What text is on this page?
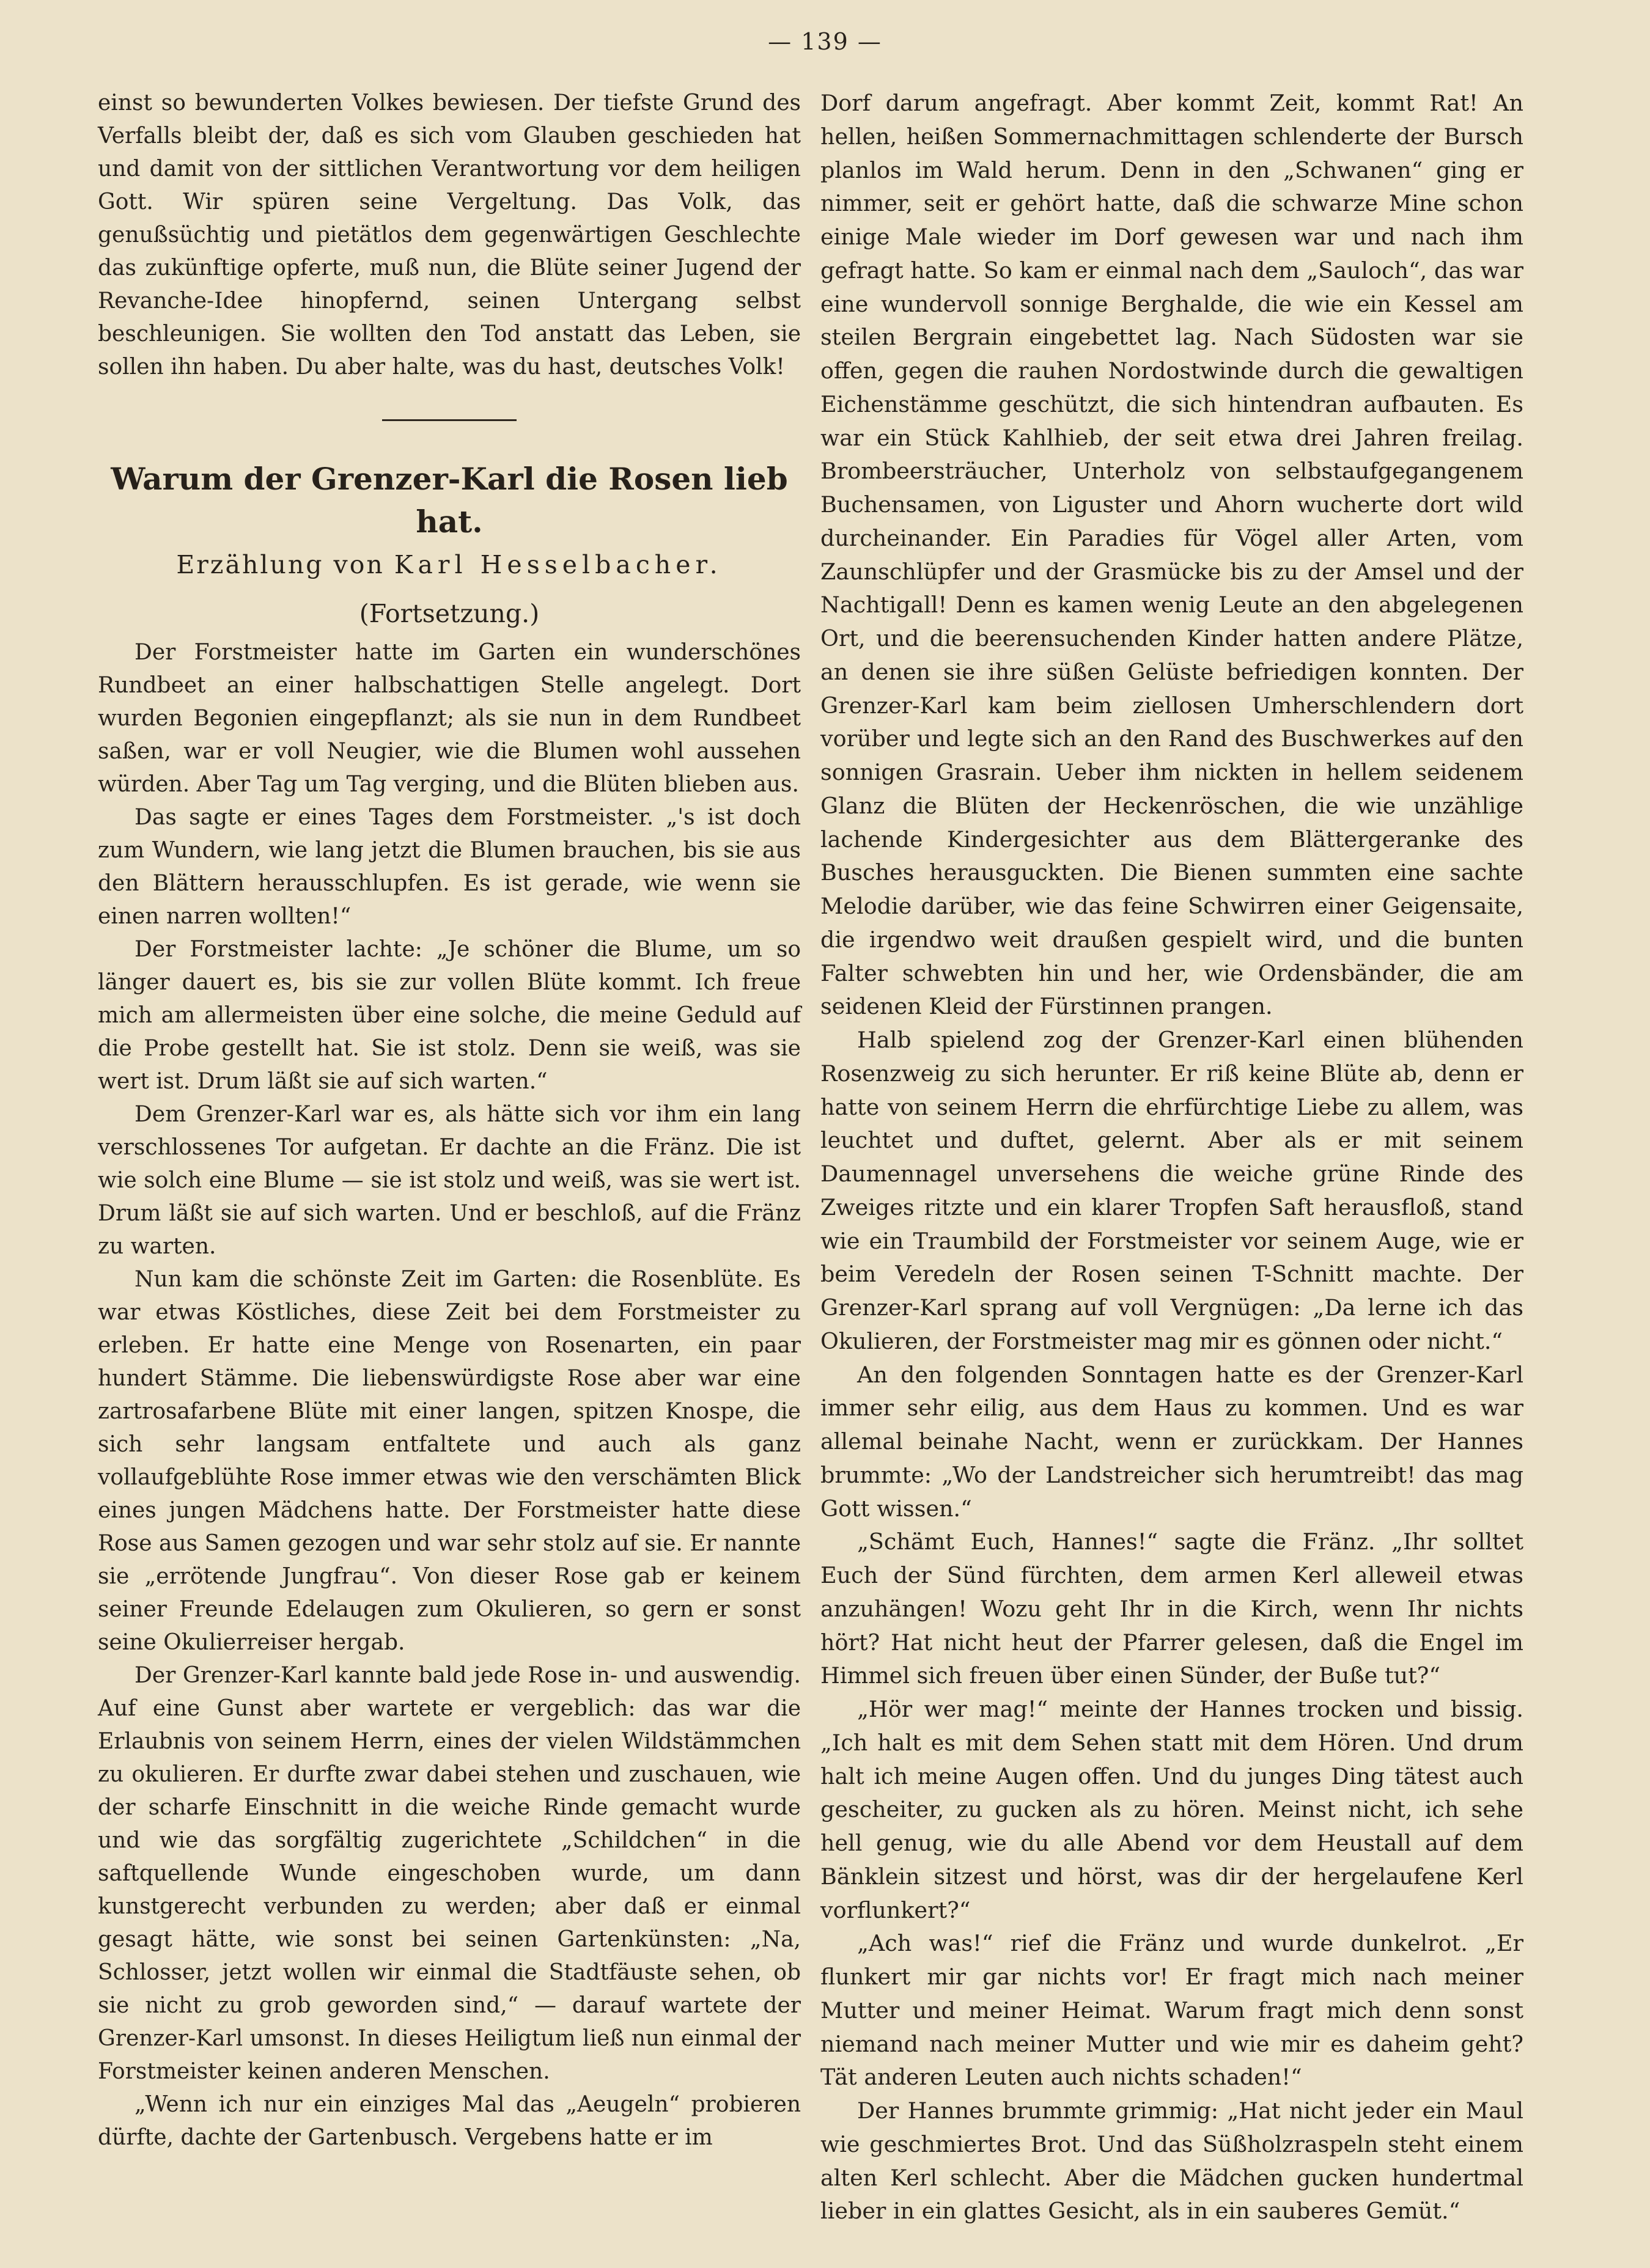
— 139 —

einst so bewunderten Volkes bewiesen. Der tiefste Grund des Verfalls bleibt der, daß es sich vom Glauben geschieden hat und damit von der sittlichen Verantwortung vor dem heiligen Gott. Wir spüren seine Vergeltung. Das Volk, das genußsüchtig und pietätlos dem gegenwärtigen Geschlechte das zukünftige opferte, muß nun, die Blüte seiner Jugend der Revanche-Idee hinopfernd, seinen Untergang selbst beschleunigen. Sie wollten den Tod anstatt das Leben, sie sollen ihn haben. Du aber halte, was du hast, deutsches Volk!

Warum der Grenzer-Karl die Rosen lieb hat.
Erzählung von Karl Hesselbacher.
(Fortsetzung.)

Der Forstmeister hatte im Garten ein wunderschönes Rundbeet an einer halbschattigen Stelle angelegt. Dort wurden Begonien eingepflanzt; als sie nun in dem Rundbeet saßen, war er voll Neugier, wie die Blumen wohl aussehen würden. Aber Tag um Tag verging, und die Blüten blieben aus.

Das sagte er eines Tages dem Forstmeister. „'s ist doch zum Wundern, wie lang jetzt die Blumen brauchen, bis sie aus den Blättern herausschlupfen. Es ist gerade, wie wenn sie einen narren wollten!“

Der Forstmeister lachte: „Je schöner die Blume, um so länger dauert es, bis sie zur vollen Blüte kommt. Ich freue mich am allermeisten über eine solche, die meine Geduld auf die Probe gestellt hat. Sie ist stolz. Denn sie weiß, was sie wert ist. Drum läßt sie auf sich warten.“

Dem Grenzer-Karl war es, als hätte sich vor ihm ein lang verschlossenes Tor aufgetan. Er dachte an die Fränz. Die ist wie solch eine Blume — sie ist stolz und weiß, was sie wert ist. Drum läßt sie auf sich warten. Und er beschloß, auf die Fränz zu warten.

Nun kam die schönste Zeit im Garten: die Rosenblüte. Es war etwas Köstliches, diese Zeit bei dem Forstmeister zu erleben. Er hatte eine Menge von Rosenarten, ein paar hundert Stämme. Die liebenswürdigste Rose aber war eine zartrosafarbene Blüte mit einer langen, spitzen Knospe, die sich sehr langsam entfaltete und auch als ganz vollaufgeblühte Rose immer etwas wie den verschämten Blick eines jungen Mädchens hatte. Der Forstmeister hatte diese Rose aus Samen gezogen und war sehr stolz auf sie. Er nannte sie „errötende Jungfrau“. Von dieser Rose gab er keinem seiner Freunde Edelaugen zum Okulieren, so gern er sonst seine Okulierreiser hergab.

Der Grenzer-Karl kannte bald jede Rose in- und auswendig. Auf eine Gunst aber wartete er vergeblich: das war die Erlaubnis von seinem Herrn, eines der vielen Wildstämmchen zu okulieren. Er durfte zwar dabei stehen und zuschauen, wie der scharfe Einschnitt in die weiche Rinde gemacht wurde und wie das sorgfältig zugerichtete „Schildchen“ in die saftquellende Wunde eingeschoben wurde, um dann kunstgerecht verbunden zu werden; aber daß er einmal gesagt hätte, wie sonst bei seinen Gartenkünsten: „Na, Schlosser, jetzt wollen wir einmal die Stadtfäuste sehen, ob sie nicht zu grob geworden sind,“ — darauf wartete der Grenzer-Karl umsonst. In dieses Heiligtum ließ nun einmal der Forstmeister keinen anderen Menschen.

„Wenn ich nur ein einziges Mal das „Aeugeln“ probieren dürfte, dachte der Gartenbusch. Vergebens hatte er im

Dorf darum angefragt. Aber kommt Zeit, kommt Rat! An hellen, heißen Sommernachmittagen schlenderte der Bursch planlos im Wald herum. Denn in den „Schwanen“ ging er nimmer, seit er gehört hatte, daß die schwarze Mine schon einige Male wieder im Dorf gewesen war und nach ihm gefragt hatte. So kam er einmal nach dem „Sauloch“, das war eine wundervoll sonnige Berghalde, die wie ein Kessel am steilen Bergrain eingebettet lag. Nach Südosten war sie offen, gegen die rauhen Nordostwinde durch die gewaltigen Eichenstämme geschützt, die sich hintendran aufbauten. Es war ein Stück Kahlhieb, der seit etwa drei Jahren freilag. Brombeersträucher, Unterholz von selbstaufgegangenem Buchensamen, von Liguster und Ahorn wucherte dort wild durcheinander. Ein Paradies für Vögel aller Arten, vom Zaunschlüpfer und der Grasmücke bis zu der Amsel und der Nachtigall! Denn es kamen wenig Leute an den abgelegenen Ort, und die beerensuchenden Kinder hatten andere Plätze, an denen sie ihre süßen Gelüste befriedigen konnten. Der Grenzer-Karl kam beim ziellosen Umherschlendern dort vorüber und legte sich an den Rand des Buschwerkes auf den sonnigen Grasrain. Ueber ihm nickten in hellem seidenem Glanz die Blüten der Heckenröschen, die wie unzählige lachende Kindergesichter aus dem Blättergeranke des Busches herausguckten. Die Bienen summten eine sachte Melodie darüber, wie das feine Schwirren einer Geigensaite, die irgendwo weit draußen gespielt wird, und die bunten Falter schwebten hin und her, wie Ordensbänder, die am seidenen Kleid der Fürstinnen prangen.

Halb spielend zog der Grenzer-Karl einen blühenden Rosenzweig zu sich herunter. Er riß keine Blüte ab, denn er hatte von seinem Herrn die ehrfürchtige Liebe zu allem, was leuchtet und duftet, gelernt. Aber als er mit seinem Daumennagel unversehens die weiche grüne Rinde des Zweiges ritzte und ein klarer Tropfen Saft herausfloß, stand wie ein Traumbild der Forstmeister vor seinem Auge, wie er beim Veredeln der Rosen seinen T-Schnitt machte. Der Grenzer-Karl sprang auf voll Vergnügen: „Da lerne ich das Okulieren, der Forstmeister mag mir es gönnen oder nicht.“

An den folgenden Sonntagen hatte es der Grenzer-Karl immer sehr eilig, aus dem Haus zu kommen. Und es war allemal beinahe Nacht, wenn er zurückkam. Der Hannes brummte: „Wo der Landstreicher sich herumtreibt! das mag Gott wissen.“

„Schämt Euch, Hannes!“ sagte die Fränz. „Ihr solltet Euch der Sünd fürchten, dem armen Kerl alleweil etwas anzuhängen! Wozu geht Ihr in die Kirch, wenn Ihr nichts hört? Hat nicht heut der Pfarrer gelesen, daß die Engel im Himmel sich freuen über einen Sünder, der Buße tut?“

„Hör wer mag!“ meinte der Hannes trocken und bissig. „Ich halt es mit dem Sehen statt mit dem Hören. Und drum halt ich meine Augen offen. Und du junges Ding tätest auch gescheiter, zu gucken als zu hören. Meinst nicht, ich sehe hell genug, wie du alle Abend vor dem Heustall auf dem Bänklein sitzest und hörst, was dir der hergelaufene Kerl vorflunkert?“

„Ach was!“ rief die Fränz und wurde dunkelrot. „Er flunkert mir gar nichts vor! Er fragt mich nach meiner Mutter und meiner Heimat. Warum fragt mich denn sonst niemand nach meiner Mutter und wie mir es daheim geht? Tät anderen Leuten auch nichts schaden!“

Der Hannes brummte grimmig: „Hat nicht jeder ein Maul wie geschmiertes Brot. Und das Süßholzraspeln steht einem alten Kerl schlecht. Aber die Mädchen gucken hundertmal lieber in ein glattes Gesicht, als in ein sauberes Gemüt.“
